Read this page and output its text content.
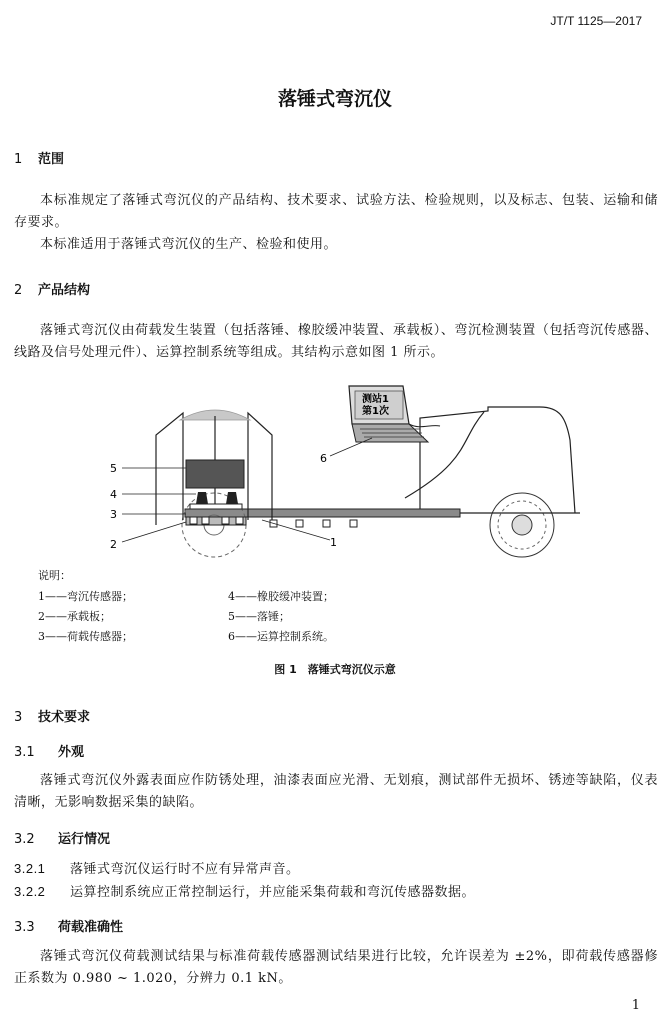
JT/T 1125—2017
落锤式弯沉仪
1 范围
本标准规定了落锤式弯沉仪的产品结构、技术要求、试验方法、检验规则，以及标志、包装、运输和储存要求。
本标准适用于落锤式弯沉仪的生产、检验和使用。
2 产品结构
落锤式弯沉仪由荷载发生装置（包括落锤、橡胶缓冲装置、承载板）、弯沉检测装置（包括弯沉传感器、线路及信号处理元件）、运算控制系统等组成。其结构示意如图 1 所示。
测站1
第1次
5
4
3
2	1
6
说明：
1——弯沉传感器；	4——橡胶缓冲装置；
2——承载板；	5——落锤；
3——荷载传感器；	6——运算控制系统。
图 1　落锤式弯沉仪示意
3 技术要求
3.1 外观
落锤式弯沉仪外露表面应作防锈处理，油漆表面应光滑、无划痕，测试部件无损坏、锈迹等缺陷，仪表清晰，无影响数据采集的缺陷。
3.2 运行情况
3.2.1 落锤式弯沉仪运行时不应有异常声音。
3.2.2 运算控制系统应正常控制运行，并应能采集荷载和弯沉传感器数据。
3.3 荷载准确性
落锤式弯沉仪荷载测试结果与标准荷载传感器测试结果进行比较，允许误差为 ±2%，即荷载传感器修正系数为 0.980 ~ 1.020，分辨力 0.1 kN。
1
